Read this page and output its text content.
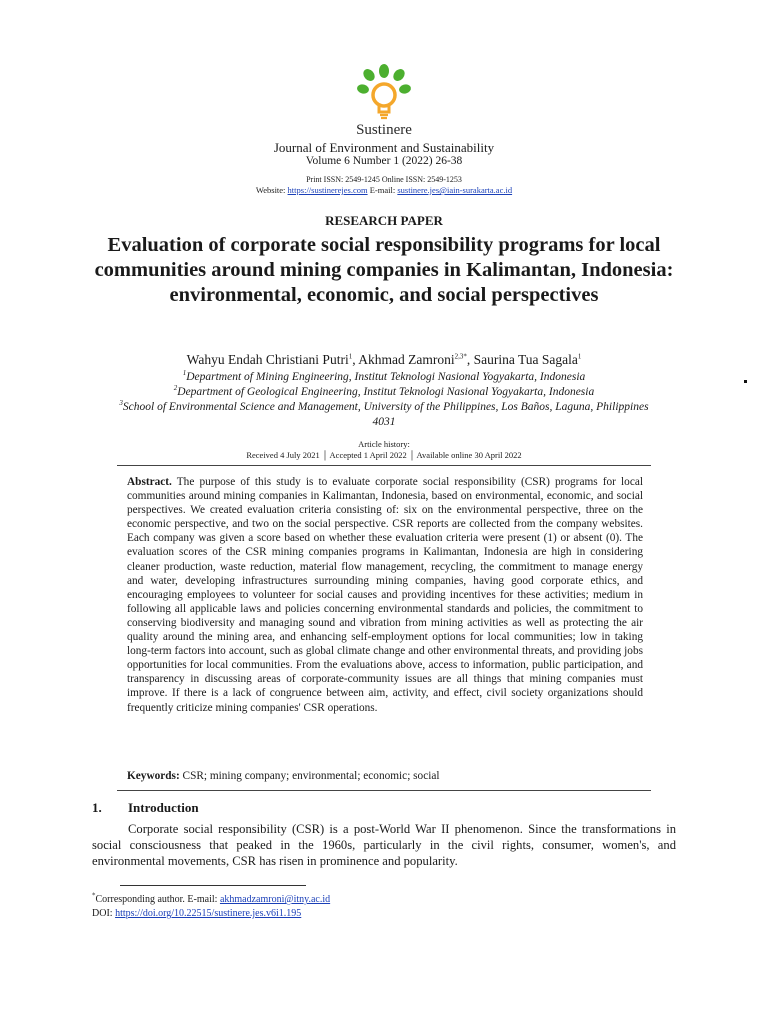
Sustinere
Journal of Environment and Sustainability
Volume 6 Number 1 (2022) 26-38
Print ISSN: 2549-1245 Online ISSN: 2549-1253
Website: https://sustinerejes.com E-mail: sustinere.jes@iain-surakarta.ac.id
RESEARCH PAPER
Evaluation of corporate social responsibility programs for local communities around mining companies in Kalimantan, Indonesia: environmental, economic, and social perspectives
Wahyu Endah Christiani Putri$^1$, Akhmad Zamroni$^{2,3*}$, Saurina Tua Sagala$^1$
$^1$Department of Mining Engineering, Institut Teknologi Nasional Yogyakarta, Indonesia
$^2$Department of Geological Engineering, Institut Teknologi Nasional Yogyakarta, Indonesia
$^3$School of Environmental Science and Management, University of the Philippines, Los Baños, Laguna, Philippines 4031
Article history:
Received 4 July 2021 │ Accepted 1 April 2022 │ Available online 30 April 2022

Abstract. The purpose of this study is to evaluate corporate social responsibility (CSR) programs for local communities around mining companies in Kalimantan, Indonesia, based on environmental, economic, and social perspectives. We created evaluation criteria consisting of: six on the environmental perspective, three on the economic perspective, and two on the social perspective. CSR reports are collected from the company websites. Each company was given a score based on whether these evaluation criteria were present (1) or absent (0). The evaluation scores of the CSR mining companies programs in Kalimantan, Indonesia are high in considering cleaner production, waste reduction, material flow management, recycling, the commitment to manage energy and water, developing infrastructures surrounding mining companies, having good corporate ethics, and encouraging employees to volunteer for social causes and providing incentives for these activities; medium in following all applicable laws and policies concerning environmental standards and policies, the commitment to conserving biodiversity and managing sound and vibration from mining activities as well as protecting the air quality around the mining area, and enhancing self-employment options for local communities; low in taking long-term factors into account, such as global climate change and other environmental threats, and providing jobs opportunities for local communities. From the evaluations above, access to information, public participation, and transparency in discussing areas of corporate-community issues are all things that mining companies must improve. If there is a lack of congruence between aim, activity, and effect, civil society organizations should frequently criticize mining companies' CSR operations.

Keywords: CSR; mining company; environmental; economic; social

1. Introduction

Corporate social responsibility (CSR) is a post-World War II phenomenon. Since the transformations in social consciousness that peaked in the 1960s, particularly in the civil rights, consumer, women's, and environmental movements, CSR has risen in prominence and popularity.

*Corresponding author. E-mail: akhmadzamroni@itny.ac.id
DOI: https://doi.org/10.22515/sustinere.jes.v6i1.195
